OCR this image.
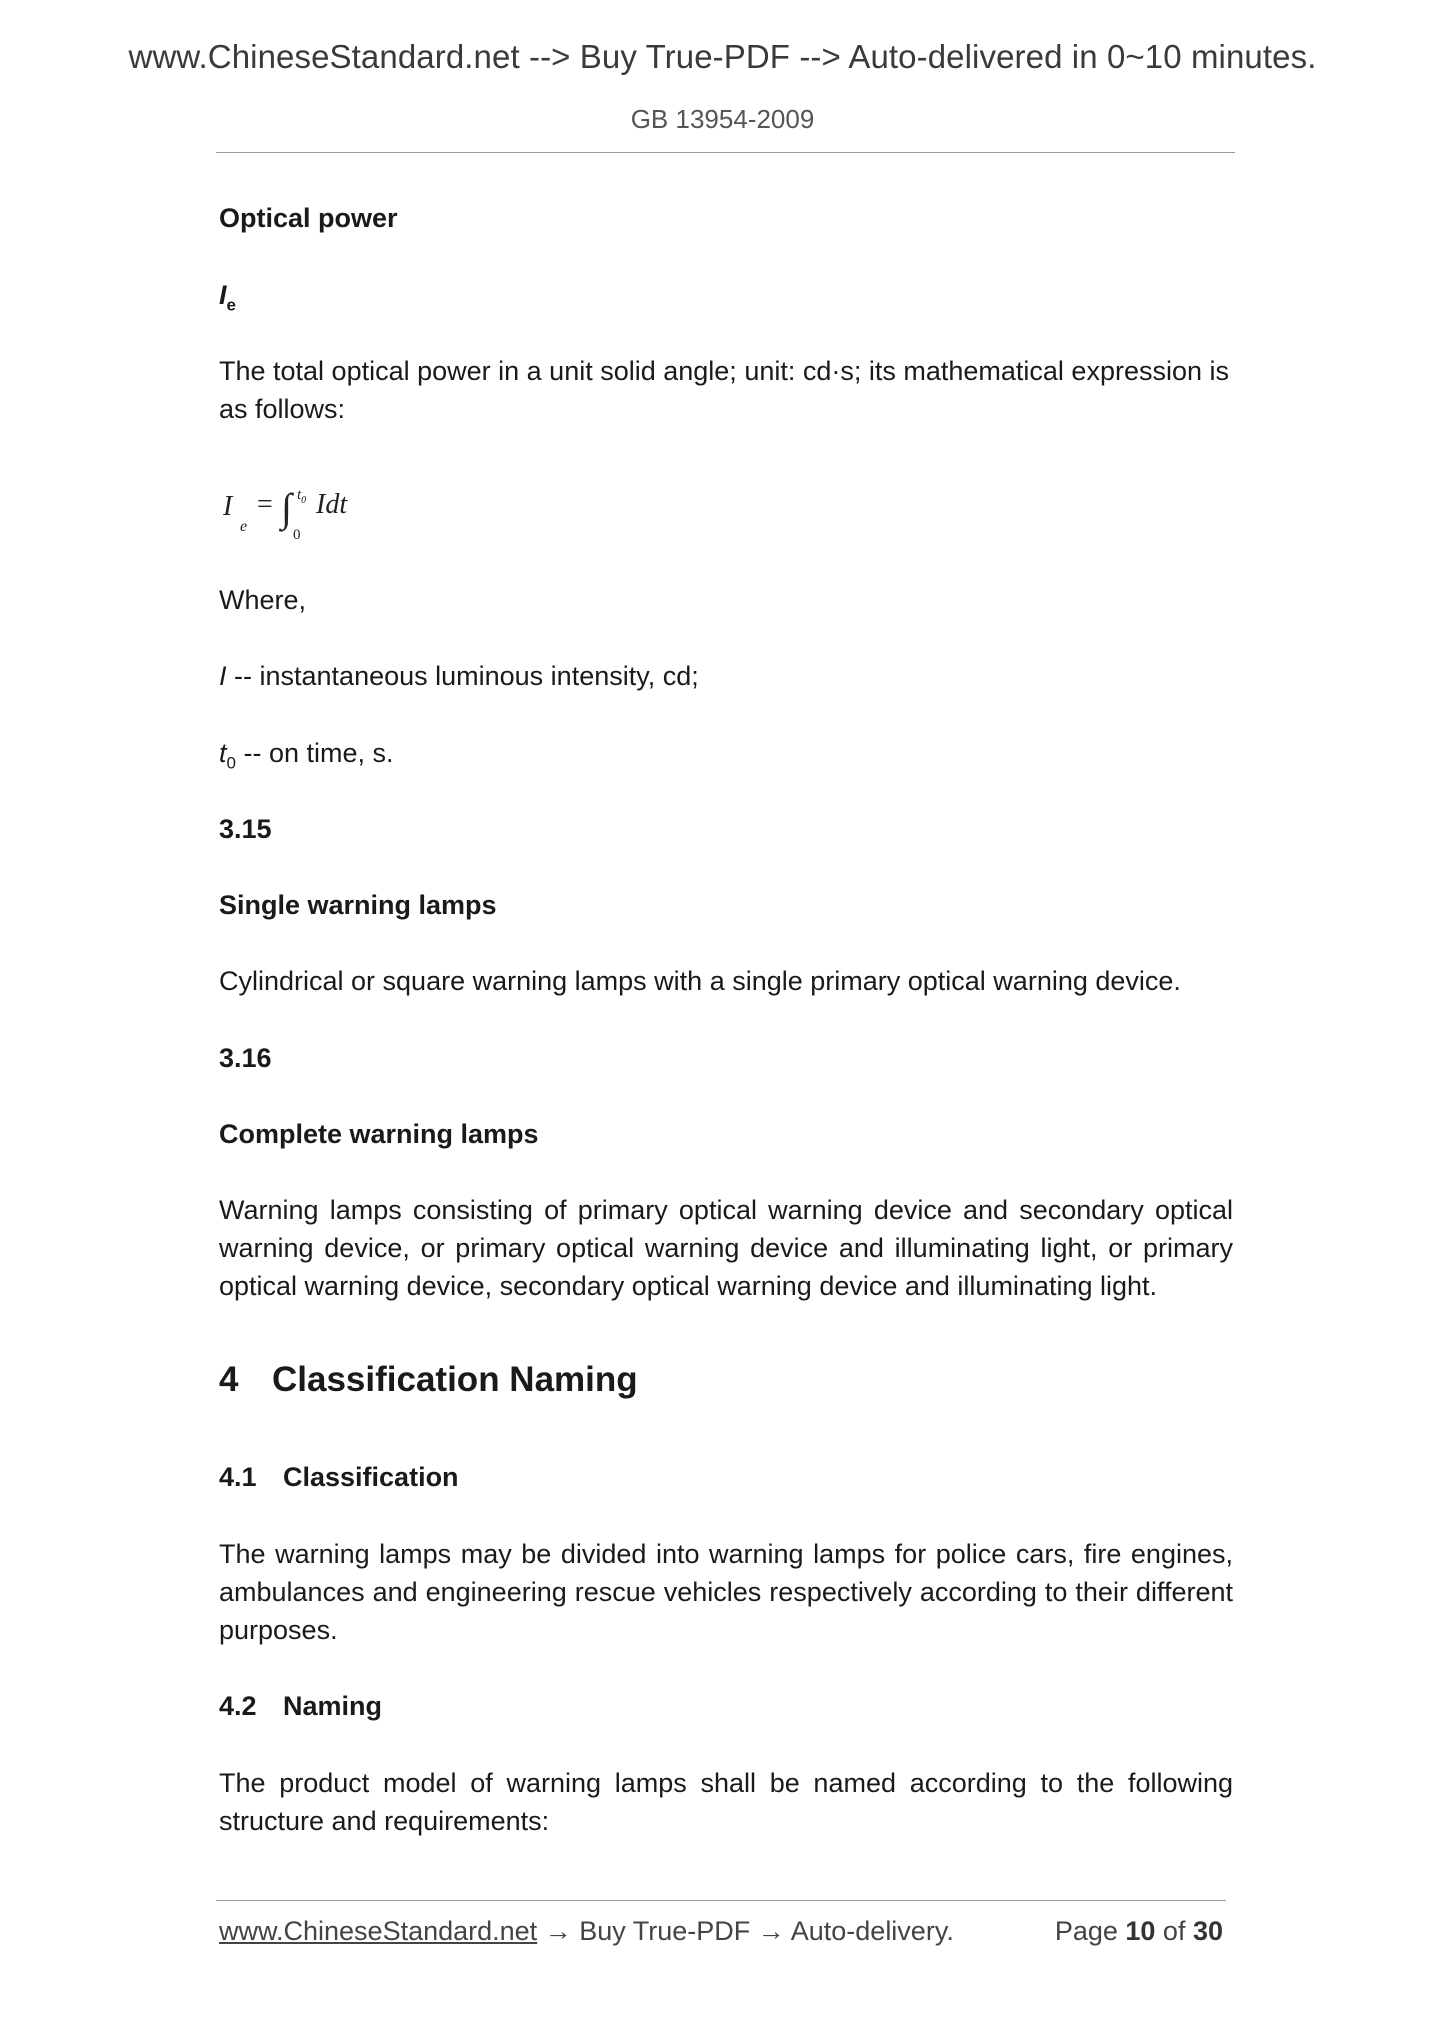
www.ChineseStandard.net --> Buy True-PDF --> Auto-delivered in 0~10 minutes.
GB 13954-2009

Optical power

$I_e$

The total optical power in a unit solid angle; unit: cd·s; its mathematical expression is
as follows:

I
e
= ∫ $t_0$
0
Idt

Where,

I -- instantaneous luminous intensity, cd;

$t_0$ -- on time, s.

3.15

Single warning lamps

Cylindrical or square warning lamps with a single primary optical warning device.

3.16

Complete warning lamps

Warning lamps consisting of primary optical warning device and secondary optical warning device, or primary optical warning device and illuminating light, or primary optical warning device, secondary optical warning device and illuminating light.

4 Classification Naming

4.1 Classification

The warning lamps may be divided into warning lamps for police cars, fire engines, ambulances and engineering rescue vehicles respectively according to their different purposes.

4.2 Naming

The product model of warning lamps shall be named according to the following structure and requirements:

www.ChineseStandard.net → Buy True-PDF → Auto-delivery.	Page 10 of 30
